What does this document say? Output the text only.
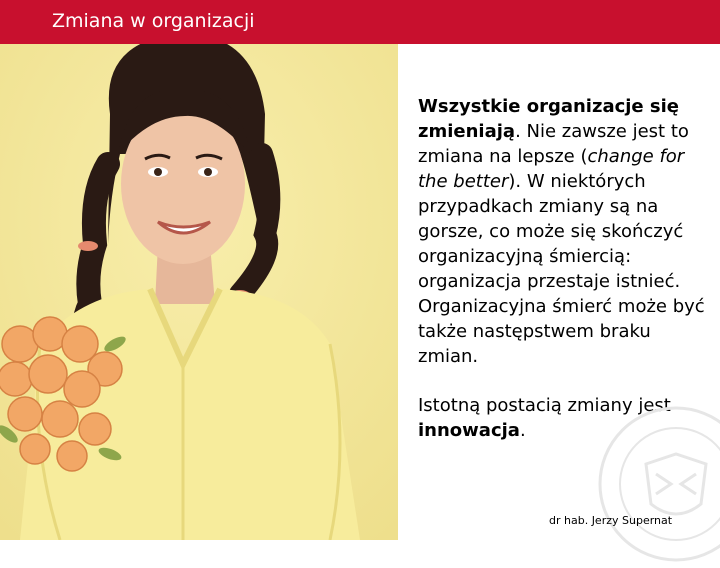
Zmiana w organizacji

Wszystkie organizacje się zmieniają. Nie zawsze jest to zmiana na lepsze (change for the better). W niektórych przypadkach zmiany są na gorsze, co może się skończyć organizacyjną śmiercią: organizacja przestaje istnieć. Organizacyjna śmierć może być także następstwem braku zmian.

Istotną postacią zmiany jest innowacja.

dr hab. Jerzy Supernat
